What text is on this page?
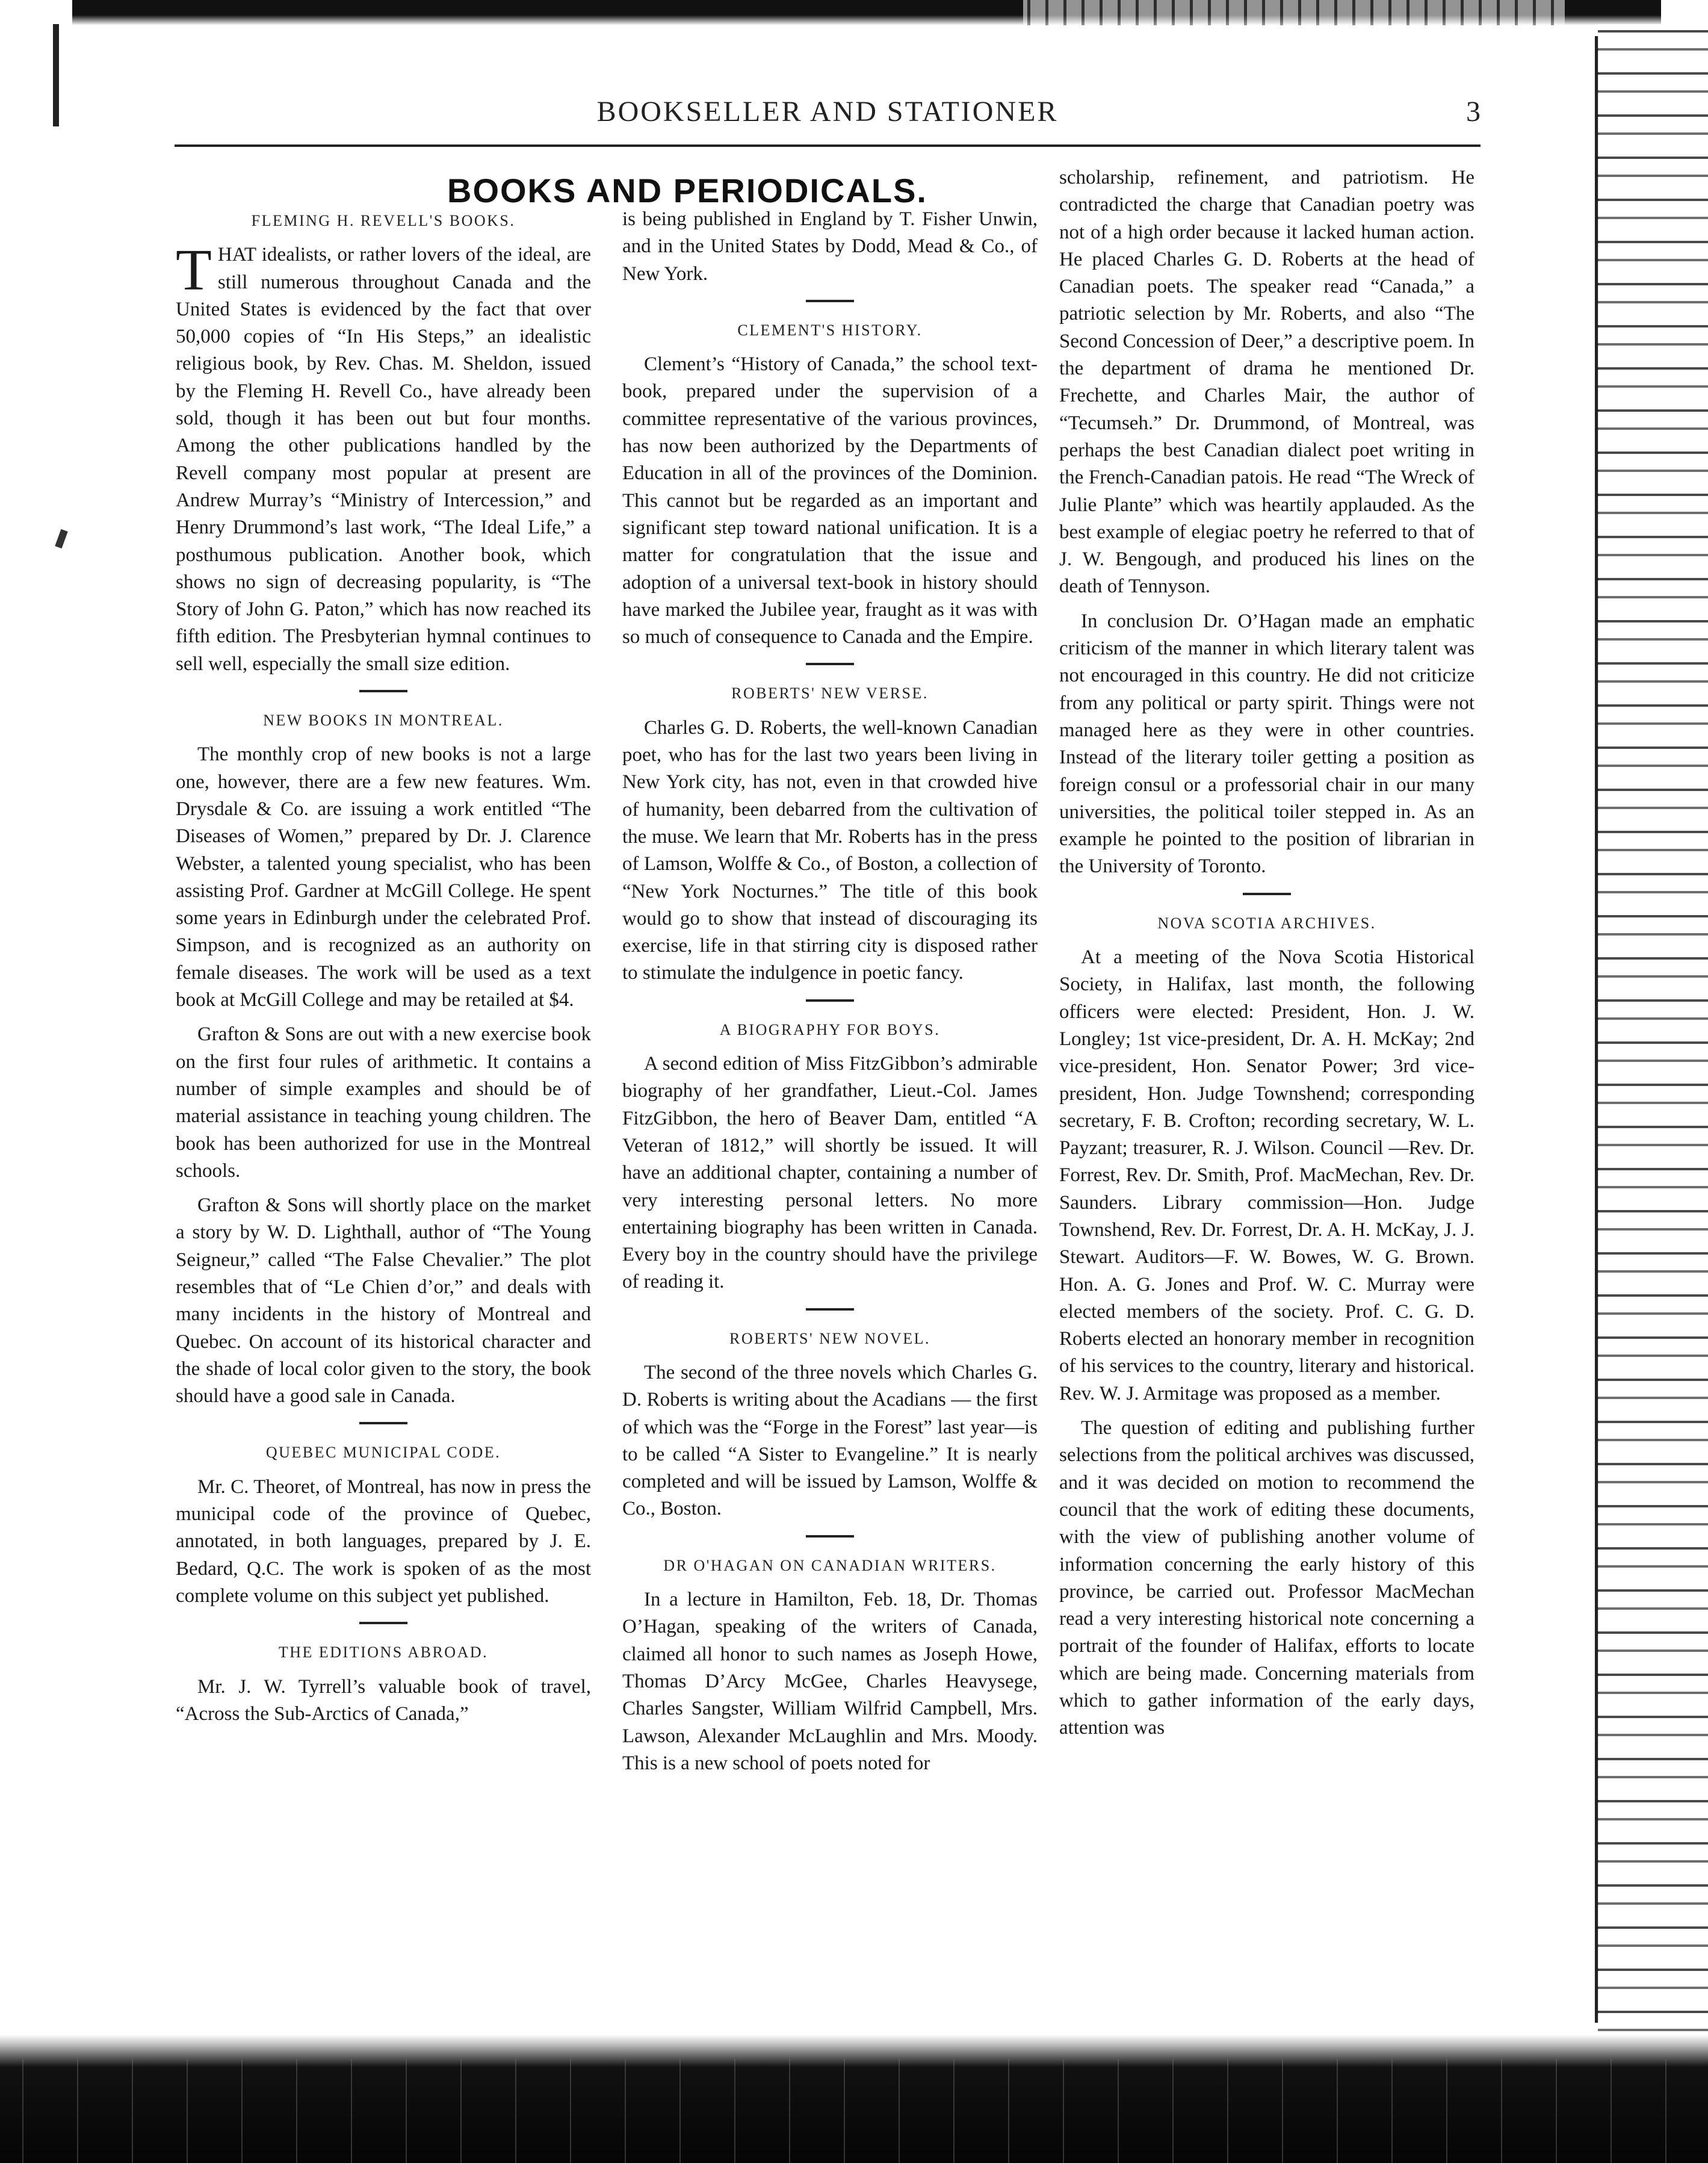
BOOKSELLER AND STATIONER	3
BOOKS AND PERIODICALS.
FLEMING H. REVELL'S BOOKS.

THAT idealists, or rather lovers of the ideal, are still numerous throughout Canada and the United States is evidenced by the fact that over 50,000 copies of “In His Steps,” an idealistic religious book, by Rev. Chas. M. Sheldon, issued by the Fleming H. Revell Co., have already been sold, though it has been out but four months. Among the other publications handled by the Revell company most popular at present are Andrew Murray’s “Ministry of Intercession,” and Henry Drummond’s last work, “The Ideal Life,” a posthumous publication. Another book, which shows no sign of decreasing popularity, is “The Story of John G. Paton,” which has now reached its fifth edition. The Presbyterian hymnal continues to sell well, especially the small size edition.

NEW BOOKS IN MONTREAL.

The monthly crop of new books is not a large one, however, there are a few new features. Wm. Drysdale & Co. are issuing a work entitled “The Diseases of Women,” prepared by Dr. J. Clarence Webster, a talented young specialist, who has been assisting Prof. Gardner at McGill College. He spent some years in Edinburgh under the celebrated Prof. Simpson, and is recognized as an authority on female diseases. The work will be used as a text book at McGill College and may be retailed at $4.

Grafton & Sons are out with a new exercise book on the first four rules of arithmetic. It contains a number of simple examples and should be of material assistance in teaching young children. The book has been authorized for use in the Montreal schools.

Grafton & Sons will shortly place on the market a story by W. D. Lighthall, author of “The Young Seigneur,” called “The False Chevalier.” The plot resembles that of “Le Chien d’or,” and deals with many incidents in the history of Montreal and Quebec. On account of its historical character and the shade of local color given to the story, the book should have a good sale in Canada.

QUEBEC MUNICIPAL CODE.

Mr. C. Theoret, of Montreal, has now in press the municipal code of the province of Quebec, annotated, in both languages, prepared by J. E. Bedard, Q.C. The work is spoken of as the most complete volume on this subject yet published.

THE EDITIONS ABROAD.

Mr. J. W. Tyrrell’s valuable book of travel, “Across the Sub-Arctics of Canada,”

is being published in England by T. Fisher Unwin, and in the United States by Dodd, Mead & Co., of New York.

CLEMENT'S HISTORY.

Clement’s “History of Canada,” the school text-book, prepared under the supervision of a committee representative of the various provinces, has now been authorized by the Departments of Education in all of the provinces of the Dominion. This cannot but be regarded as an important and significant step toward national unification. It is a matter for congratulation that the issue and adoption of a universal text-book in history should have marked the Jubilee year, fraught as it was with so much of consequence to Canada and the Empire.

ROBERTS' NEW VERSE.

Charles G. D. Roberts, the well-known Canadian poet, who has for the last two years been living in New York city, has not, even in that crowded hive of humanity, been debarred from the cultivation of the muse. We learn that Mr. Roberts has in the press of Lamson, Wolffe & Co., of Boston, a collection of “New York Nocturnes.” The title of this book would go to show that instead of discouraging its exercise, life in that stirring city is disposed rather to stimulate the indulgence in poetic fancy.

A BIOGRAPHY FOR BOYS.

A second edition of Miss FitzGibbon’s admirable biography of her grandfather, Lieut.-Col. James FitzGibbon, the hero of Beaver Dam, entitled “A Veteran of 1812,” will shortly be issued. It will have an additional chapter, containing a number of very interesting personal letters. No more entertaining biography has been written in Canada. Every boy in the country should have the privilege of reading it.

ROBERTS' NEW NOVEL.

The second of the three novels which Charles G. D. Roberts is writing about the Acadians — the first of which was the “Forge in the Forest” last year—is to be called “A Sister to Evangeline.” It is nearly completed and will be issued by Lamson, Wolffe & Co., Boston.

DR O'HAGAN ON CANADIAN WRITERS.

In a lecture in Hamilton, Feb. 18, Dr. Thomas O’Hagan, speaking of the writers of Canada, claimed all honor to such names as Joseph Howe, Thomas D’Arcy McGee, Charles Heavysege, Charles Sangster, William Wilfrid Campbell, Mrs. Lawson, Alexander McLaughlin and Mrs. Moody. This is a new school of poets noted for

scholarship, refinement, and patriotism. He contradicted the charge that Canadian poetry was not of a high order because it lacked human action. He placed Charles G. D. Roberts at the head of Canadian poets. The speaker read “Canada,” a patriotic selection by Mr. Roberts, and also “The Second Concession of Deer,” a descriptive poem. In the department of drama he mentioned Dr. Frechette, and Charles Mair, the author of “Tecumseh.” Dr. Drummond, of Montreal, was perhaps the best Canadian dialect poet writing in the French-Canadian patois. He read “The Wreck of Julie Plante” which was heartily applauded. As the best example of elegiac poetry he referred to that of J. W. Bengough, and produced his lines on the death of Tennyson.

In conclusion Dr. O’Hagan made an emphatic criticism of the manner in which literary talent was not encouraged in this country. He did not criticize from any political or party spirit. Things were not managed here as they were in other countries. Instead of the literary toiler getting a position as foreign consul or a professorial chair in our many universities, the political toiler stepped in. As an example he pointed to the position of librarian in the University of Toronto.

NOVA SCOTIA ARCHIVES.

At a meeting of the Nova Scotia Historical Society, in Halifax, last month, the following officers were elected: President, Hon. J. W. Longley; 1st vice-president, Dr. A. H. McKay; 2nd vice-president, Hon. Senator Power; 3rd vice-president, Hon. Judge Townshend; corresponding secretary, F. B. Crofton; recording secretary, W. L. Payzant; treasurer, R. J. Wilson. Council —Rev. Dr. Forrest, Rev. Dr. Smith, Prof. MacMechan, Rev. Dr. Saunders. Library commission—Hon. Judge Townshend, Rev. Dr. Forrest, Dr. A. H. McKay, J. J. Stewart. Auditors—F. W. Bowes, W. G. Brown. Hon. A. G. Jones and Prof. W. C. Murray were elected members of the society. Prof. C. G. D. Roberts elected an honorary member in recognition of his services to the country, literary and historical. Rev. W. J. Armitage was proposed as a member.

The question of editing and publishing further selections from the political archives was discussed, and it was decided on motion to recommend the council that the work of editing these documents, with the view of publishing another volume of information concerning the early history of this province, be carried out. Professor MacMechan read a very interesting historical note concerning a portrait of the founder of Halifax, efforts to locate which are being made. Concerning materials from which to gather information of the early days, attention was
